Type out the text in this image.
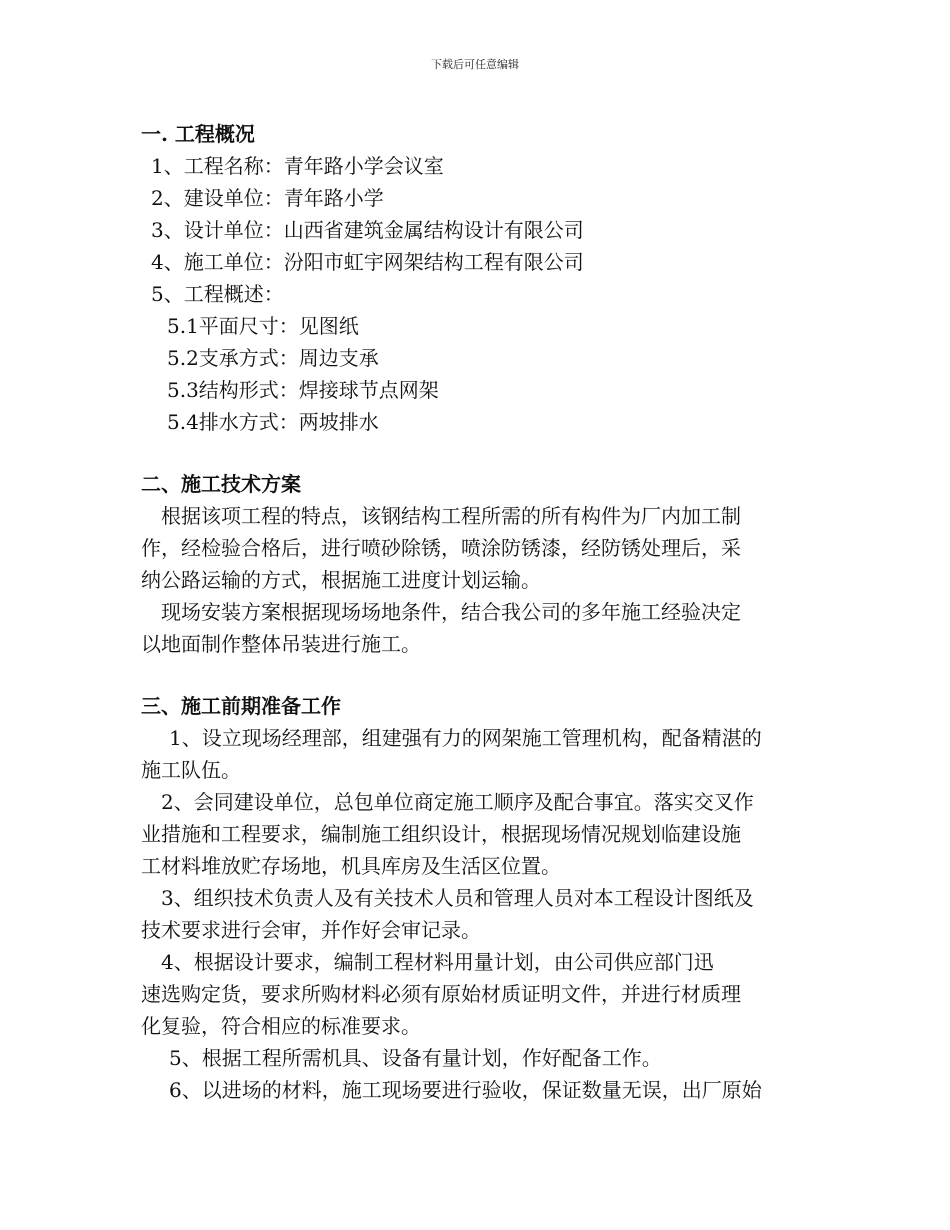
下载后可任意编辑
一. 工程概况
1、工程名称：青年路小学会议室
2、建设单位：青年路小学
3、设计单位：山西省建筑金属结构设计有限公司
4、施工单位：汾阳市虹宇网架结构工程有限公司
5、工程概述：
5.1平面尺寸：见图纸
5.2支承方式：周边支承
5.3结构形式：焊接球节点网架
5.4排水方式：两坡排水
二、施工技术方案
根据该项工程的特点，该钢结构工程所需的所有构件为厂内加工制
作，经检验合格后，进行喷砂除锈，喷涂防锈漆，经防锈处理后，采
纳公路运输的方式，根据施工进度计划运输。
现场安装方案根据现场场地条件，结合我公司的多年施工经验决定
以地面制作整体吊装进行施工。
三、施工前期准备工作
1、设立现场经理部，组建强有力的网架施工管理机构，配备精湛的
施工队伍。
2、会同建设单位，总包单位商定施工顺序及配合事宜。落实交叉作
业措施和工程要求，编制施工组织设计，根据现场情况规划临建设施
工材料堆放贮存场地，机具库房及生活区位置。
3、组织技术负责人及有关技术人员和管理人员对本工程设计图纸及
技术要求进行会审，并作好会审记录。
4、根据设计要求，编制工程材料用量计划，由公司供应部门迅
速选购定货，要求所购材料必须有原始材质证明文件，并进行材质理
化复验，符合相应的标准要求。
5、根据工程所需机具、设备有量计划，作好配备工作。
6、以进场的材料，施工现场要进行验收，保证数量无误，出厂原始
